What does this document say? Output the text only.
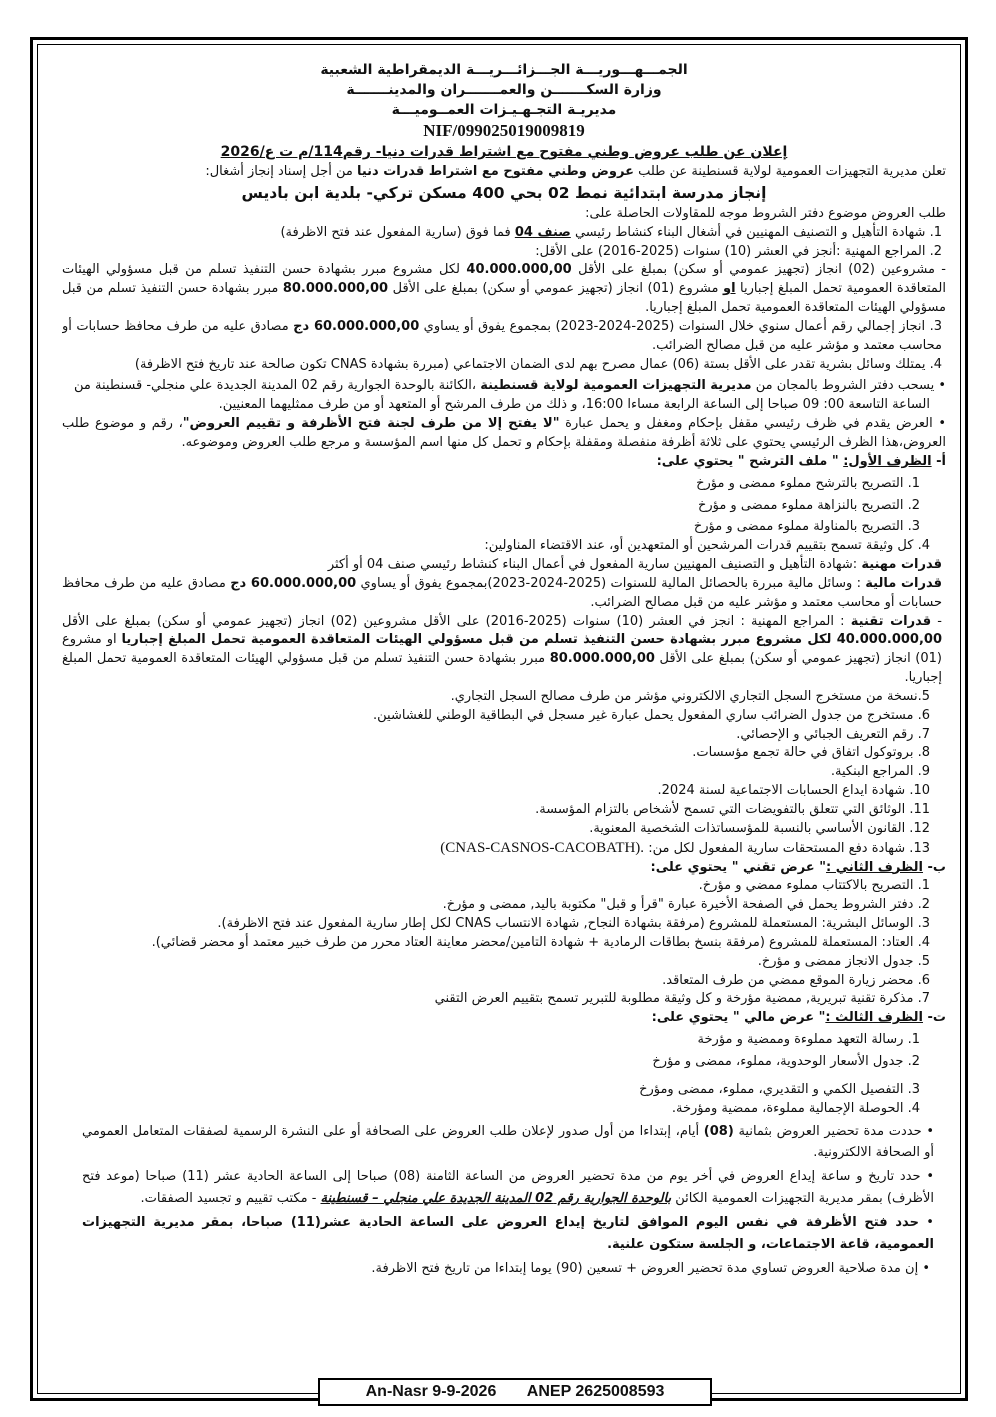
الجمـــهـــوريـــة الجـــزائـــريـــة الديمقراطية الشعبية
وزارة السكـــــــن والعمـــــــران والمدينـــــــة
مديريـة التجـهـيـزات العمــوميـــة
NIF/099025019009819
إعلان عن طلب عروض وطني مفتوح مع اشتراط قدرات دنيا- رقم114/م ت ع/2026

تعلن مديرية التجهيزات العمومية لولاية قسنطينة عن طلب عروض وطني مفتوح مع اشتراط قدرات دنيا من أجل إسناد إنجاز أشغال:

إنجاز مدرسة ابتدائية نمط 02 بحي 400 مسكن تركي- بلدية ابن باديس

طلب العروض موضوع دفتر الشروط موجه للمقاولات الحاصلة على:

1. شهادة التأهيل و التصنيف المهنيين في أشغال البناء كنشاط رئيسي صنف 04 فما فوق (سارية المفعول عند فتح الاظرفة)

2. المراجع المهنية :أنجز في العشر (10) سنوات (2025-2016) على الأقل:

- مشروعين (02) انجاز (تجهيز عمومي أو سكن) بمبلغ على الأقل 40.000.000,00 لكل مشروع مبرر بشهادة حسن التنفيذ تسلم من قبل مسؤولي الهيئات المتعاقدة العمومية تحمل المبلغ إجباريا او مشروع (01) انجاز (تجهيز عمومي أو سكن) بمبلغ على الأقل 80.000.000,00 مبرر بشهادة حسن التنفيذ تسلم من قبل مسؤولي الهيئات المتعاقدة العمومية تحمل المبلغ إجباريا.

3. انجاز إجمالي رقم أعمال سنوي خلال السنوات (2025-2024-2023) بمجموع يفوق أو يساوي 60.000.000,00 دج مصادق عليه من طرف محافظ حسابات أو محاسب معتمد و مؤشر عليه من قبل مصالح الضرائب.

4. يمتلك وسائل بشرية تقدر على الأقل بستة (06) عمال مصرح بهم لدى الضمان الاجتماعي (مبررة بشهادة CNAS تكون صالحة عند تاريخ فتح الاظرفة)

• يسحب دفتر الشروط بالمجان من مديرية التجهيزات العمومية لولاية قسنطينة ،الكائنة بالوحدة الجوارية رقم 02 المدينة الجديدة علي منجلي- قسنطينة من

الساعة التاسعة 00: 09 صباحا إلى الساعة الرابعة مساءا 16:00، و ذلك من طرف المرشح أو المتعهد أو من طرف ممثليهما المعنيين.

• العرض يقدم في ظرف رئيسي مقفل بإحكام ومغفل و يحمل عبارة "لا يفتح إلا من طرف لجنة فتح الأظرفة و تقييم العروض"، رقم و موضوع طلب العروض،هذا الظرف الرئيسي يحتوي على ثلاثة أظرفة منفصلة ومقفلة بإحكام و تحمل كل منها اسم المؤسسة و مرجع طلب العروض وموضوعه.

أ- الظرف الأول: " ملف الترشح " يحتوي على:

1. التصريح بالترشح مملوء ممضى و مؤرخ

2. التصريح بالنزاهة مملوء ممضى و مؤرخ

3. التصريح بالمناولة مملوء ممضى و مؤرخ

4. كل وثيقة تسمح بتقييم قدرات المرشحين أو المتعهدين أو، عند الاقتضاء المناولين:

قدرات مهنية :شهادة التأهيل و التصنيف المهنيين سارية المفعول في أعمال البناء كنشاط رئيسي صنف 04 أو أكثر

قدرات مالية : وسائل مالية مبررة بالحصائل المالية للسنوات (2025-2024-2023)بمجموع يفوق أو يساوي 60.000.000,00 دج مصادق عليه من طرف محافظ حسابات أو محاسب معتمد و مؤشر عليه من قبل مصالح الضرائب.

- قدرات تقنية : المراجع المهنية : انجز في العشر (10) سنوات (2025-2016) على الأقل مشروعين (02) انجاز (تجهيز عمومي أو سكن) بمبلغ على الأقل 40.000.000,00 لكل مشروع مبرر بشهادة حسن التنفيذ تسلم من قبل مسؤولي الهيئات المتعاقدة العمومية تحمل المبلغ إجباريا او مشروع (01) انجاز (تجهيز عمومي أو سكن) بمبلغ على الأقل 80.000.000,00 مبرر بشهادة حسن التنفيذ تسلم من قبل مسؤولي الهيئات المتعاقدة العمومية تحمل المبلغ إجباريا.

5.نسخة من مستخرج السجل التجاري الالكتروني مؤشر من طرف مصالح السجل التجاري.

6. مستخرج من جدول الضرائب ساري المفعول يحمل عبارة غير مسجل في البطاقية الوطني للغشاشين.

7. رقم التعريف الجبائي و الإحصائي.

8. بروتوكول اتفاق في حالة تجمع مؤسسات.

9. المراجع البنكية.

10. شهادة ايداع الحسابات الاجتماعية لسنة 2024.

11. الوثائق التي تتعلق بالتفويضات التي تسمح لأشخاص بالتزام المؤسسة.

12. القانون الأساسي بالنسبة للمؤسساتذات الشخصية المعنوية.

13. شهادة دفع المستحقات سارية المفعول لكل من: (CNAS-CASNOS-CACOBATH).

ب- الظرف الثاني :" عرض تقني " يحتوي على:

1. التصريح بالاكتتاب مملوء ممضي و مؤرخ.

2. دفتر الشروط يحمل في الصفحة الأخيرة عبارة "قرأ و قبل" مكتوبة باليد, ممضى و مؤرخ.

3. الوسائل البشرية: المستعملة للمشروع (مرفقة بشهادة النجاح, شهادة الانتساب CNAS لكل إطار سارية المفعول عند فتح الاظرفة).

4. العتاد: المستعملة للمشروع (مرفقة بنسخ بطاقات الرمادية + شهادة التامين/محضر معاينة العتاد محرر من طرف خبير معتمد أو محضر قضائي).

5. جدول الانجاز ممضى و مؤرخ.

6. محضر زيارة الموقع ممضي من طرف المتعاقد.

7. مذكرة تقنية تبريرية, ممضية مؤرخة و كل وثيقة مطلوبة للتبرير تسمح بتقييم العرض التقني

ت- الظرف الثالث :" عرض مالي " يحتوي على:

1. رسالة التعهد مملوءة وممضية و مؤرخة

2. جدول الأسعار الوحدوية، مملوء، ممضى و مؤرخ

3. التفصيل الكمي و التقديري، مملوء، ممضى ومؤرخ

4. الحوصلة الإجمالية مملوءة، ممضية ومؤرخة.

• حددت مدة تحضير العروض بثمانية (08) أيام، إبتداءا من أول صدور لإعلان طلب العروض على الصحافة أو على النشرة الرسمية لصفقات المتعامل العمومي أو الصحافة الالكترونية.

• حدد تاريخ و ساعة إيداع العروض في أخر يوم من مدة تحضير العروض من الساعة الثامنة (08) صباحا إلى الساعة الحادية عشر (11) صباحا (موعد فتح الأظرف) بمقر مديرية التجهيزات العمومية الكائن بالوحدة الجوارية رقم 02 المدينة الجديدة علي منجلي – قسنطينة - مكتب تقييم و تجسيد الصفقات.

• حدد فتح الأظرفة في نفس اليوم الموافق لتاريخ إيداع العروض على الساعة الحادية عشر(11) صباحا، بمقر مديرية التجهيزات العمومية، قاعة الاجتماعات، و الجلسة ستكون علنية.

• إن مدة صلاحية العروض تساوي مدة تحضير العروض + تسعين (90) يوما إبتداءا من تاريخ فتح الاظرفة.

An-Nasr 9-9-2026 ANEP 2625008593
